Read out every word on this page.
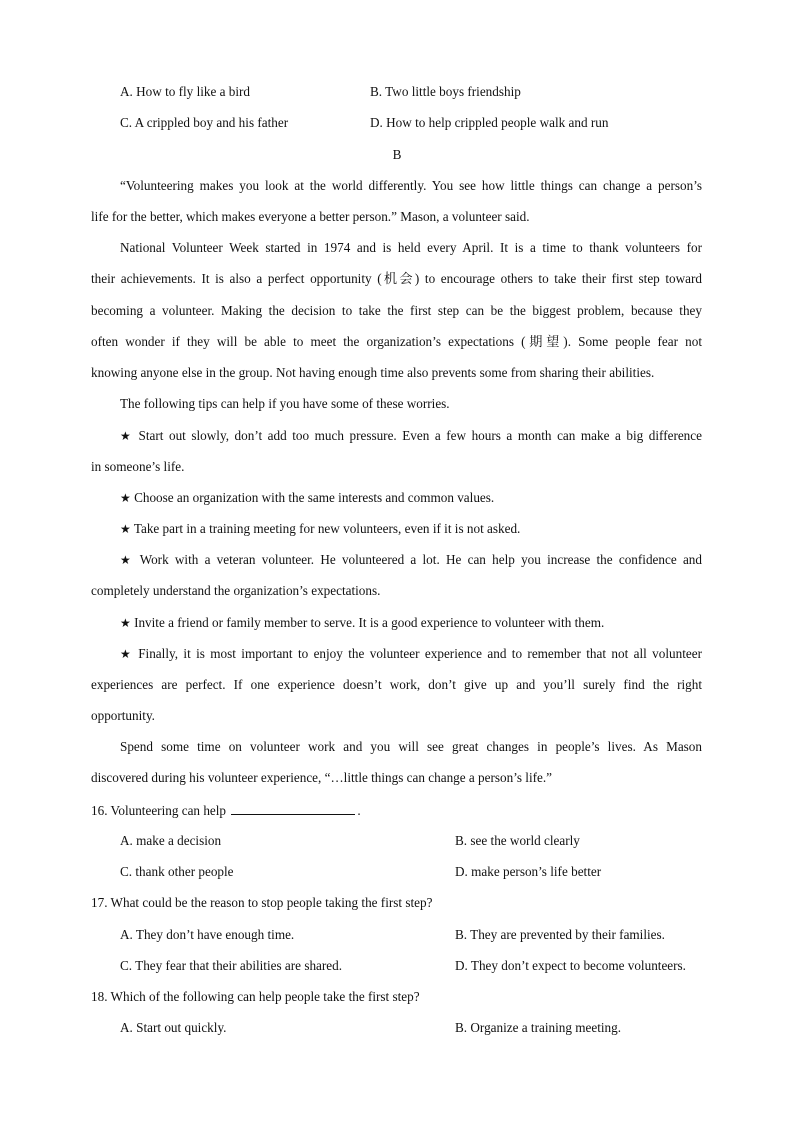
A. How to fly like a bird	B. Two little boys friendship
C. A crippled boy and his father	D. How to help crippled people walk and run
B
“Volunteering makes you look at the world differently. You see how little things can change a person’s
life for the better, which makes everyone a better person.” Mason, a volunteer said.
National Volunteer Week started in 1974 and is held every April. It is a time to thank volunteers for
their achievements. It is also a perfect opportunity (机会) to encourage others to take their first step toward
becoming a volunteer. Making the decision to take the first step can be the biggest problem, because they
often wonder if they will be able to meet the organization’s expectations (期望). Some people fear not
knowing anyone else in the group. Not having enough time also prevents some from sharing their abilities.
The following tips can help if you have some of these worries.
★ Start out slowly, don’t add too much pressure. Even a few hours a month can make a big difference
in someone’s life.
★ Choose an organization with the same interests and common values.
★ Take part in a training meeting for new volunteers, even if it is not asked.
★ Work with a veteran volunteer. He volunteered a lot. He can help you increase the confidence and
completely understand the organization’s expectations.
★ Invite a friend or family member to serve. It is a good experience to volunteer with them.
★ Finally, it is most important to enjoy the volunteer experience and to remember that not all volunteer
experiences are perfect. If one experience doesn’t work, don’t give up and you’ll surely find the right
opportunity.
Spend some time on volunteer work and you will see great changes in people’s lives. As Mason
discovered during his volunteer experience, “…little things can change a person’s life.”
16. Volunteering can help	.
A. make a decision	B. see the world clearly
C. thank other people	D. make person’s life better
17. What could be the reason to stop people taking the first step?
A. They don’t have enough time.	B. They are prevented by their families.
C. They fear that their abilities are shared.	D. They don’t expect to become volunteers.
18. Which of the following can help people take the first step?
A. Start out quickly.	B. Organize a training meeting.
